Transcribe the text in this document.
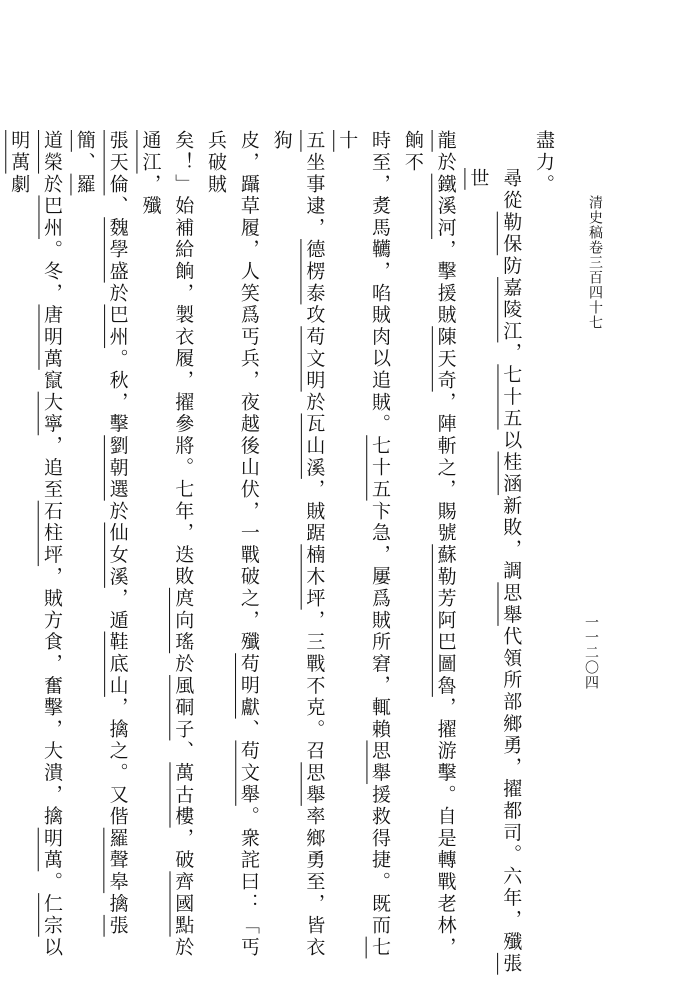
清史稿卷三百四十七
一一二〇四
盡力。
尋從勒保防嘉陵江，七十五以桂涵新敗，調思舉代領所部鄉勇，擢都司。六年，殲張世
龍於鐵溪河，擊援賊陳天奇，陣斬之，賜號蘇勒芳阿巴圖魯，擢游擊。自是轉戰老林，餉不
時至，煑馬韉，啗賊肉以追賊。七十五卞急，屢爲賊所窘，輒賴思舉援救得捷。既而七十
五坐事逮，德楞泰攻苟文明於瓦山溪，賊踞楠木坪，三戰不克。召思舉率鄉勇至，皆衣狗
皮，躡草履，人笑爲丐兵，夜越後山伏，一戰破之，殲苟明獻、苟文舉。衆詫曰：「丐兵破賊
矣！」始補給餉，製衣履，擢參將。七年，迭敗庹向瑤於風硐子、萬古樓，破齊國點於通江，殲
張天倫、魏學盛於巴州。秋，擊劉朝選於仙女溪，遁鞋底山，擒之。又偕羅聲皋擒張簡、羅
道榮於巴州。冬，唐明萬竄大寧，追至石柱坪，賊方食，奮擊，大潰，擒明萬。仁宗以明萬劇
